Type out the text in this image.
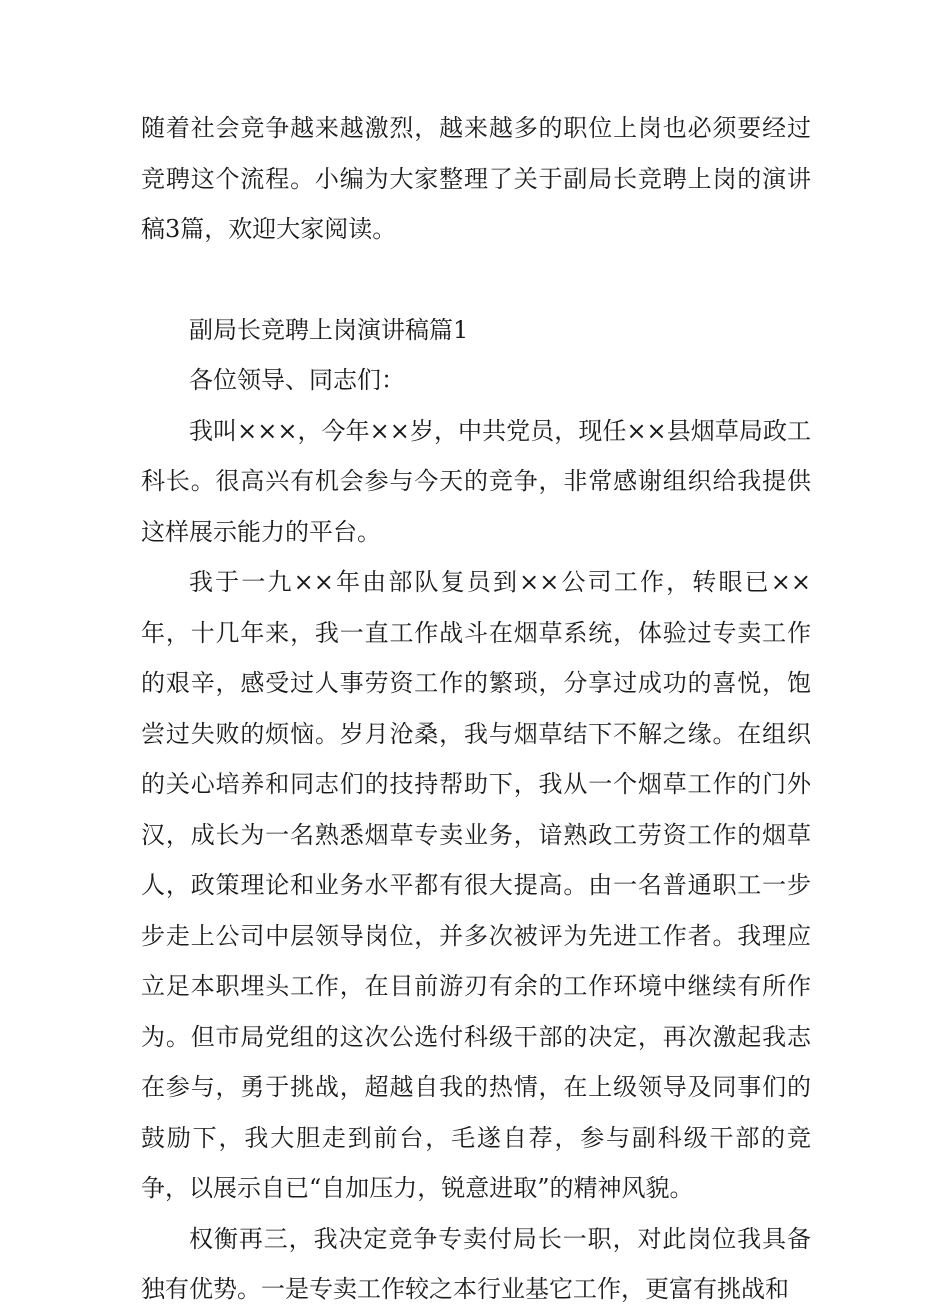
随着社会竞争越来越激烈，越来越多的职位上岗也必须要经过竞聘这个流程。小编为大家整理了关于副局长竞聘上岗的演讲稿3篇，欢迎大家阅读。

副局长竞聘上岗演讲稿篇1

各位领导、同志们：

我叫×××，今年××岁，中共党员，现任××县烟草局政工科长。很高兴有机会参与今天的竞争，非常感谢组织给我提供这样展示能力的平台。

我于一九××年由部队复员到××公司工作，转眼已××年，十几年来，我一直工作战斗在烟草系统，体验过专卖工作的艰辛，感受过人事劳资工作的繁琐，分享过成功的喜悦，饱尝过失败的烦恼。岁月沧桑，我与烟草结下不解之缘。在组织的关心培养和同志们的技持帮助下，我从一个烟草工作的门外汉，成长为一名熟悉烟草专卖业务，谙熟政工劳资工作的烟草人，政策理论和业务水平都有很大提高。由一名普通职工一步步走上公司中层领导岗位，并多次被评为先进工作者。我理应立足本职埋头工作，在目前游刃有余的工作环境中继续有所作为。但市局党组的这次公选付科级干部的决定，再次激起我志在参与，勇于挑战，超越自我的热情，在上级领导及同事们的鼓励下，我大胆走到前台，毛遂自荐，参与副科级干部的竞争，以展示自已“自加压力，锐意进取”的精神风貌。

权衡再三，我决定竞争专卖付局长一职，对此岗位我具备独有优势。一是专卖工作较之本行业基它工作，更富有挑战和
